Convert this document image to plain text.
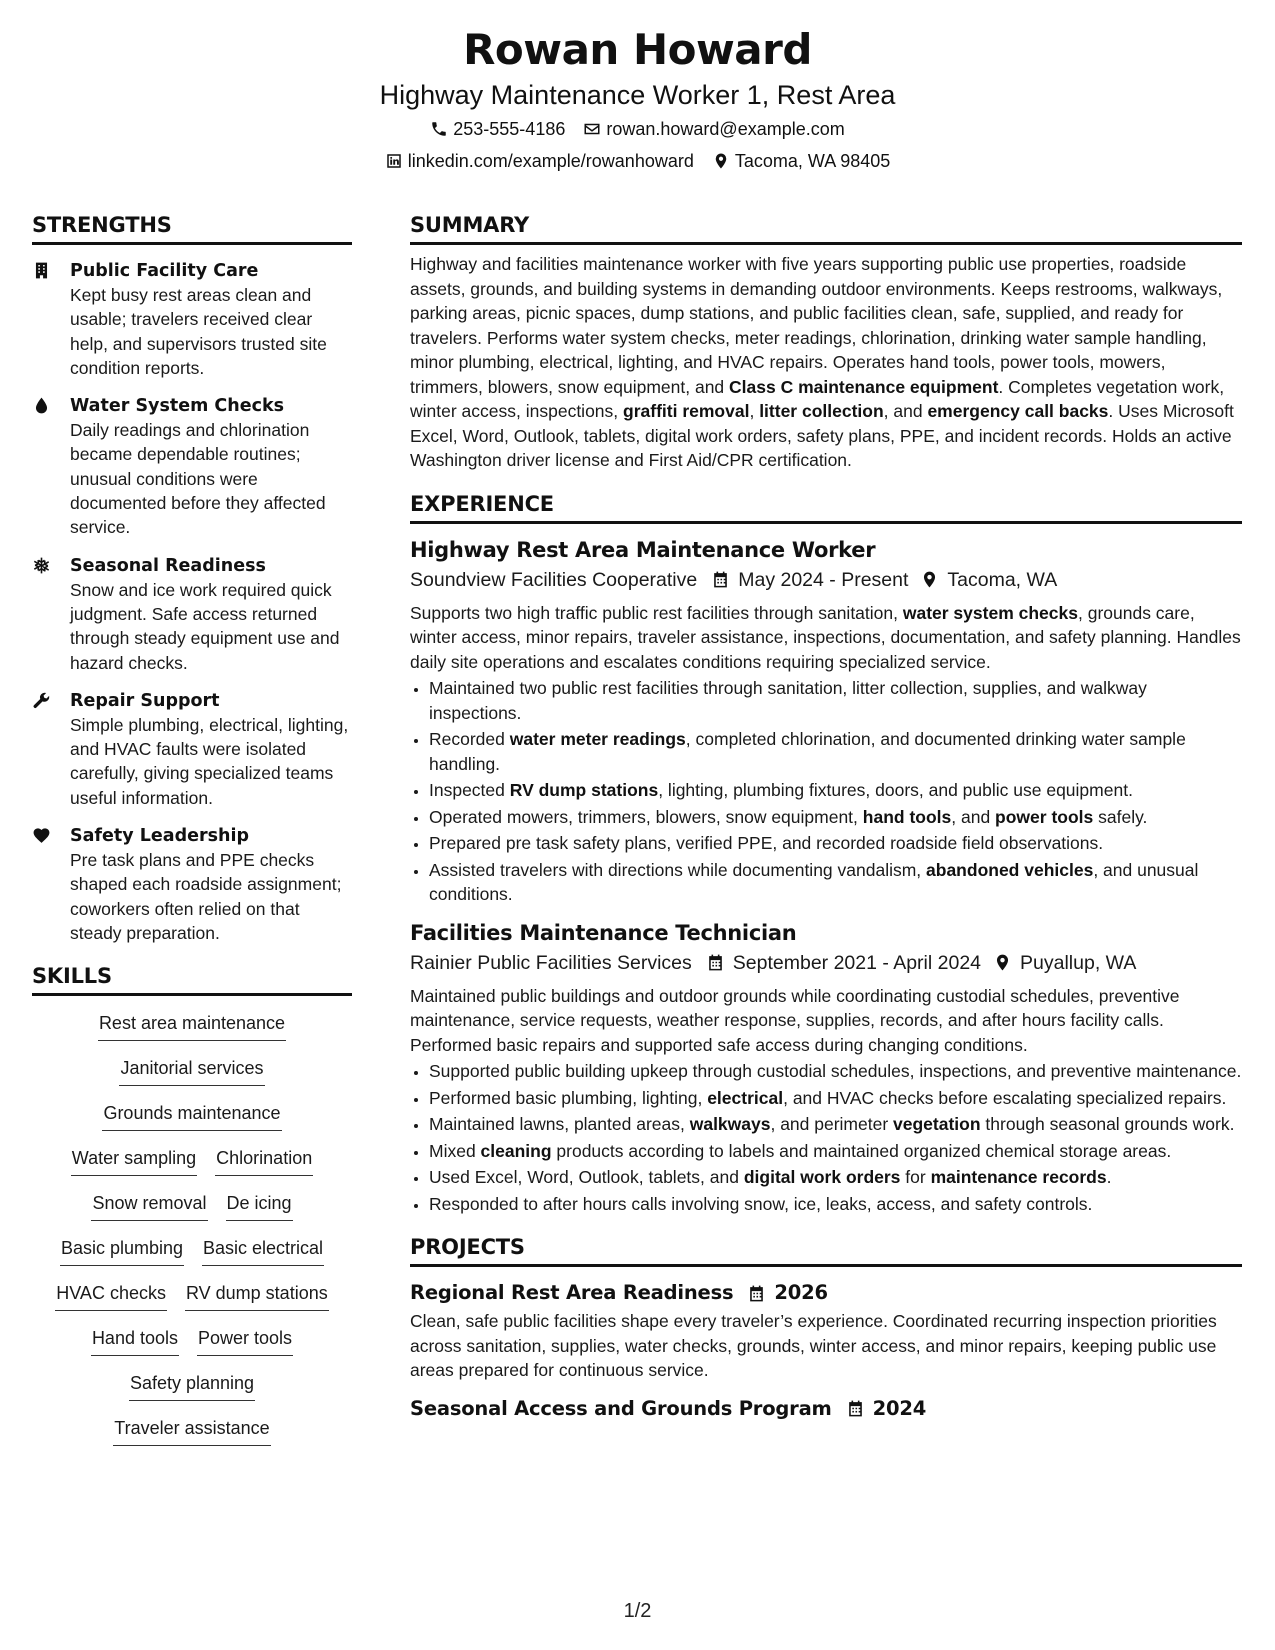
Rowan Howard
Highway Maintenance Worker 1, Rest Area
253-555-4186 rowan.howard@example.com
linkedin.com/example/rowanhoward Tacoma, WA 98405
STRENGTHS
Public Facility Care
Kept busy rest areas clean and usable; travelers received clear help, and supervisors trusted site condition reports.
Water System Checks
Daily readings and chlorination became dependable routines; unusual conditions were documented before they affected service.
Seasonal Readiness
Snow and ice work required quick judgment. Safe access returned through steady equipment use and hazard checks.
Repair Support
Simple plumbing, electrical, lighting, and HVAC faults were isolated carefully, giving specialized teams useful information.
Safety Leadership
Pre task plans and PPE checks shaped each roadside assignment; coworkers often relied on that steady preparation.
SKILLS
Rest area maintenance
Janitorial services
Grounds maintenance
Water sampling Chlorination
Snow removal De icing
Basic plumbing Basic electrical
HVAC checks RV dump stations
Hand tools Power tools
Safety planning
Traveler assistance
SUMMARY
Highway and facilities maintenance worker with five years supporting public use properties, roadside assets, grounds, and building systems in demanding outdoor environments. Keeps restrooms, walkways, parking areas, picnic spaces, dump stations, and public facilities clean, safe, supplied, and ready for travelers. Performs water system checks, meter readings, chlorination, drinking water sample handling, minor plumbing, electrical, lighting, and HVAC repairs. Operates hand tools, power tools, mowers, trimmers, blowers, snow equipment, and Class C maintenance equipment. Completes vegetation work, winter access, inspections, graffiti removal, litter collection, and emergency call backs. Uses Microsoft Excel, Word, Outlook, tablets, digital work orders, safety plans, PPE, and incident records. Holds an active Washington driver license and First Aid/CPR certification.
EXPERIENCE
Highway Rest Area Maintenance Worker
Soundview Facilities Cooperative May 2024 - Present Tacoma, WA
Supports two high traffic public rest facilities through sanitation, water system checks, grounds care, winter access, minor repairs, traveler assistance, inspections, documentation, and safety planning. Handles daily site operations and escalates conditions requiring specialized service.
• Maintained two public rest facilities through sanitation, litter collection, supplies, and walkway inspections.
• Recorded water meter readings, completed chlorination, and documented drinking water sample handling.
• Inspected RV dump stations, lighting, plumbing fixtures, doors, and public use equipment.
• Operated mowers, trimmers, blowers, snow equipment, hand tools, and power tools safely.
• Prepared pre task safety plans, verified PPE, and recorded roadside field observations.
• Assisted travelers with directions while documenting vandalism, abandoned vehicles, and unusual conditions.
Facilities Maintenance Technician
Rainier Public Facilities Services September 2021 - April 2024 Puyallup, WA
Maintained public buildings and outdoor grounds while coordinating custodial schedules, preventive maintenance, service requests, weather response, supplies, records, and after hours facility calls. Performed basic repairs and supported safe access during changing conditions.
• Supported public building upkeep through custodial schedules, inspections, and preventive maintenance.
• Performed basic plumbing, lighting, electrical, and HVAC checks before escalating specialized repairs.
• Maintained lawns, planted areas, walkways, and perimeter vegetation through seasonal grounds work.
• Mixed cleaning products according to labels and maintained organized chemical storage areas.
• Used Excel, Word, Outlook, tablets, and digital work orders for maintenance records.
• Responded to after hours calls involving snow, ice, leaks, access, and safety controls.
PROJECTS
Regional Rest Area Readiness 2026
Clean, safe public facilities shape every traveler’s experience. Coordinated recurring inspection priorities across sanitation, supplies, water checks, grounds, winter access, and minor repairs, keeping public use areas prepared for continuous service.
Seasonal Access and Grounds Program 2024
1/2
